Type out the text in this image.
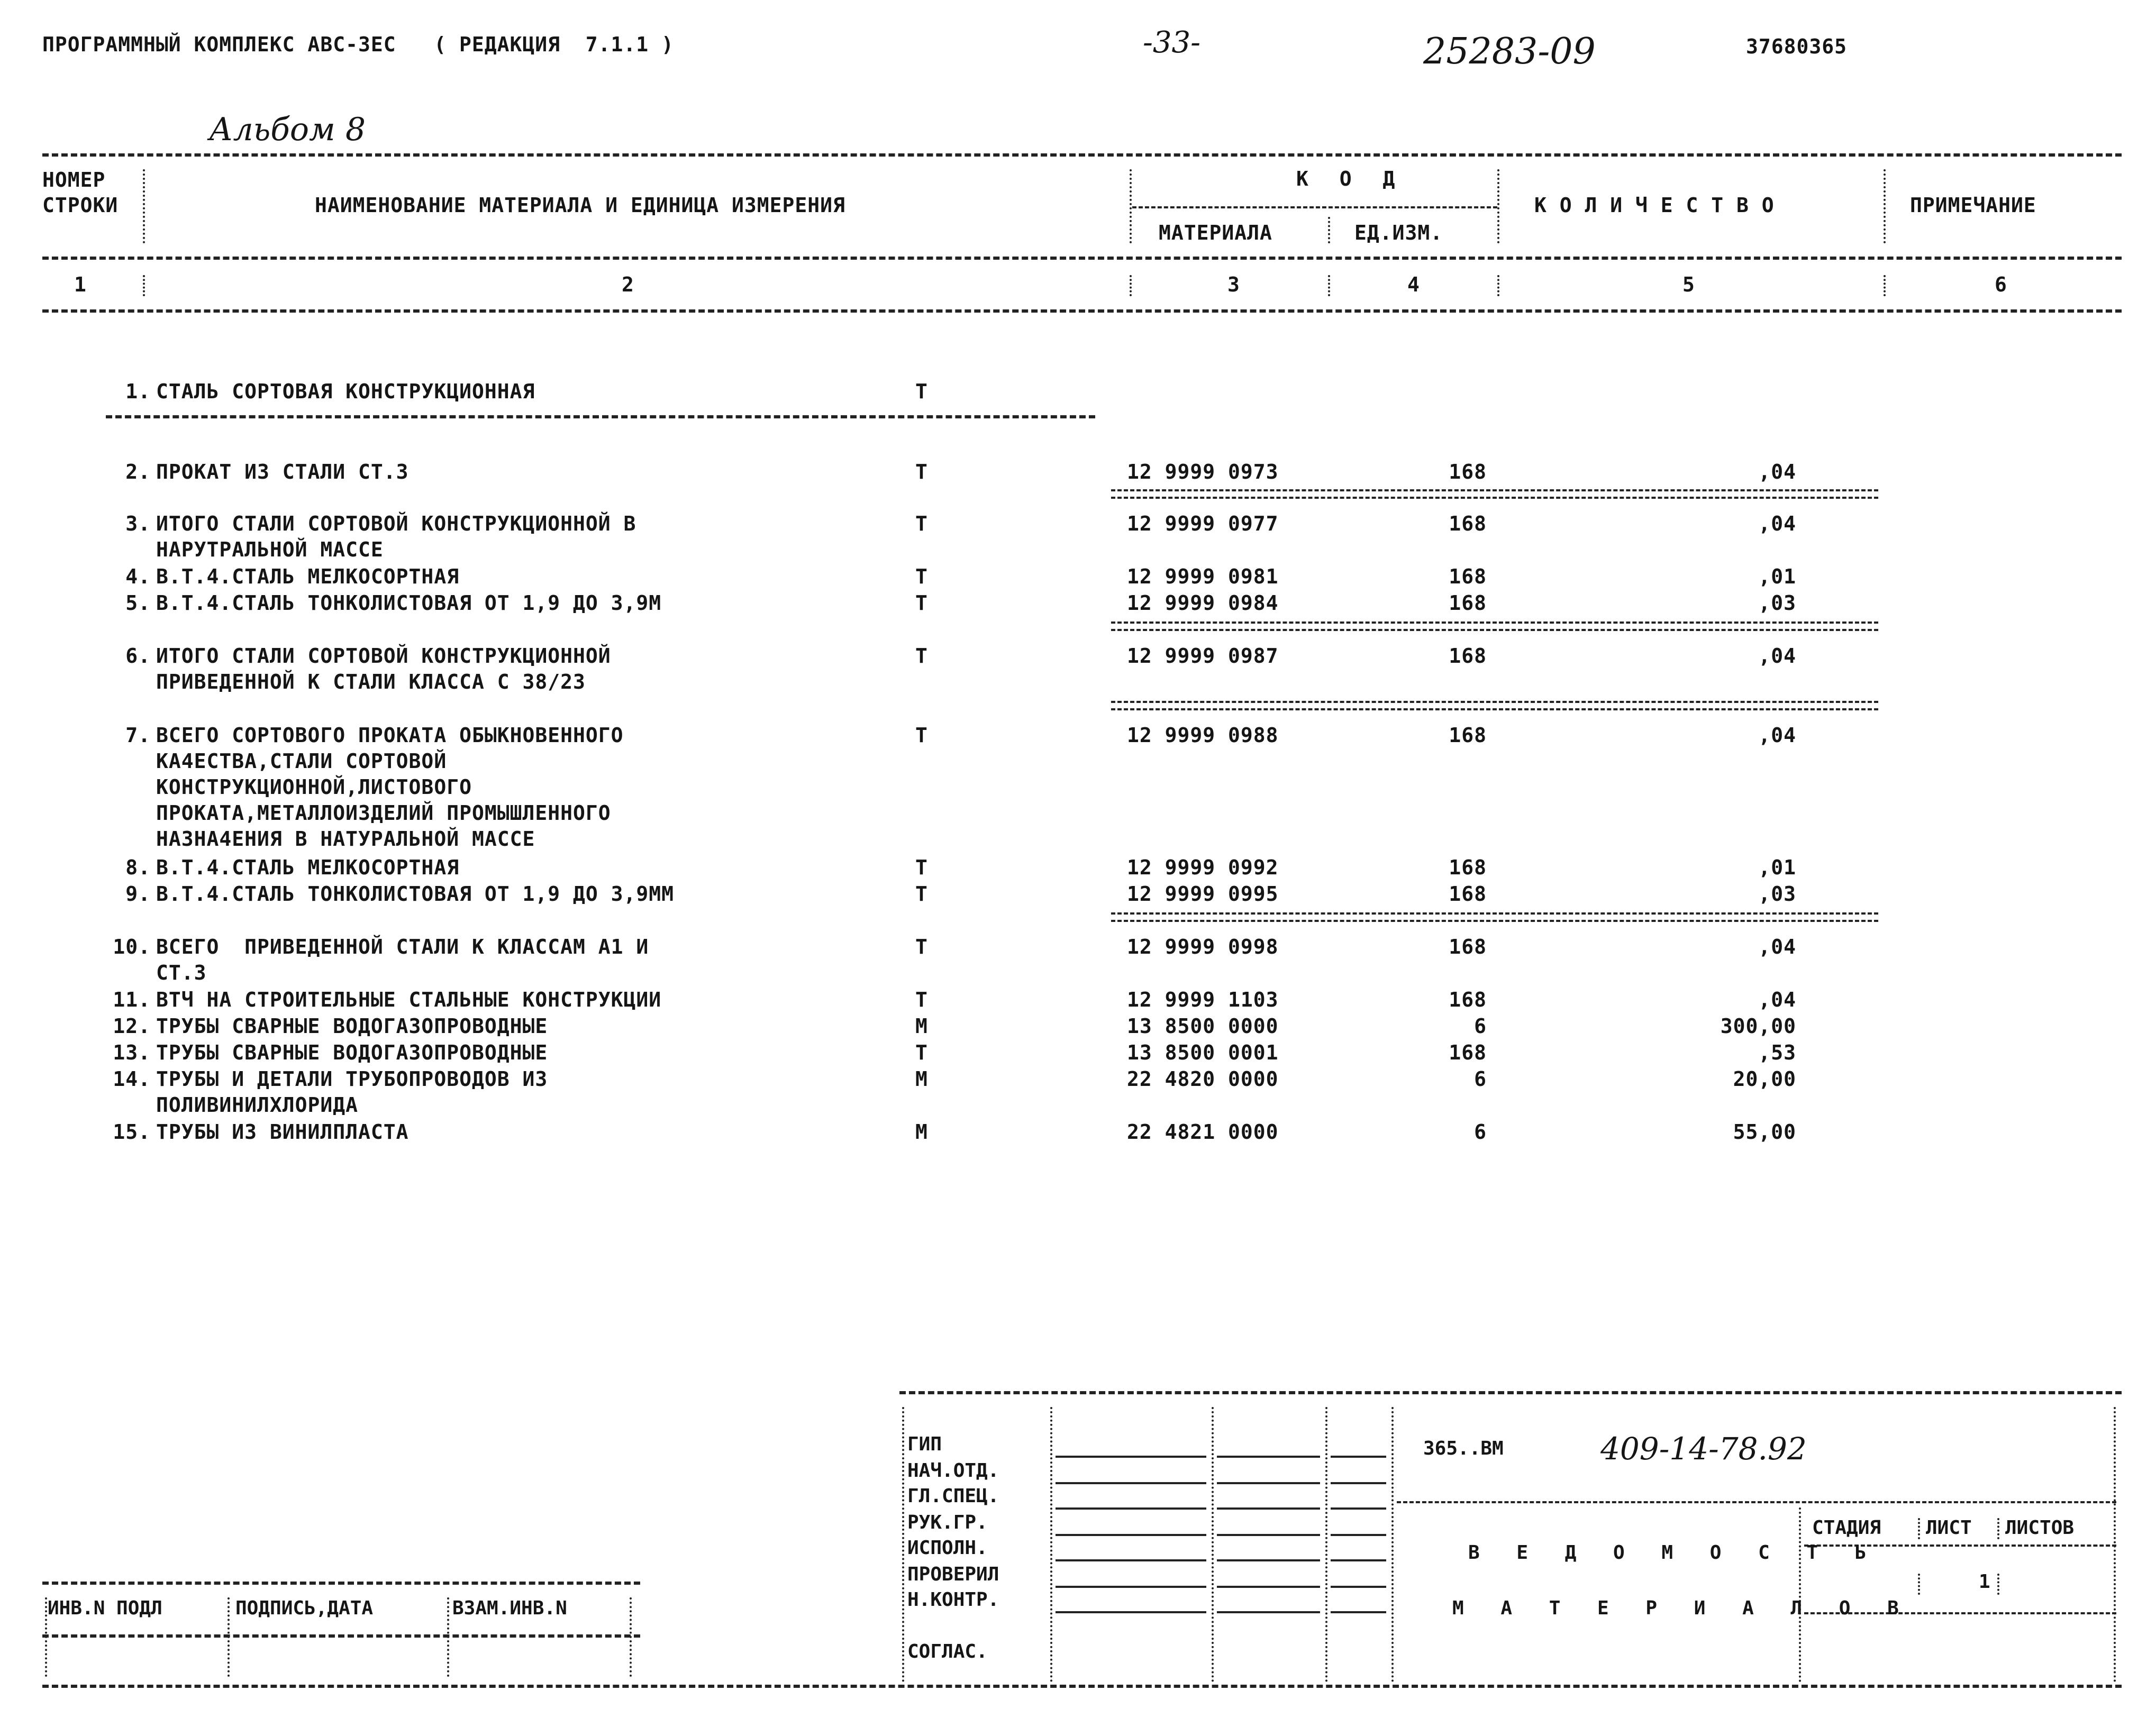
ПРОГРАММНЫЙ КОМПЛЕКС АВС-3ЕС   ( РЕДАКЦИЯ  7.1.1 )	-33-	25283-09	37680365
Альбом 8
НОМЕР
СТРОКИ	НАИМЕНОВАНИЕ МАТЕРИАЛА И ЕДИНИЦА ИЗМЕРЕНИЯ
К О Д
МАТЕРИАЛА	ЕД.ИЗМ.
К О Л И Ч Е С Т В О	ПРИМЕЧАНИЕ
1	2	3	4	5	6
1. СТАЛЬ СОРТОВАЯ КОНСТРУКЦИОННАЯ	Т
2. ПРОКАТ ИЗ СТАЛИ СТ.3	Т	12 9999 0973	168	,04
3. ИТОГО СТАЛИ СОРТОВОЙ КОНСТРУКЦИОННОЙ В
НАРУТРАЛЬНОЙ МАССЕ
Т	12 9999 0977	168	,04
4. В.Т.4.СТАЛЬ МЕЛКОСОРТНАЯ	Т	12 9999 0981	168	,01
5. В.Т.4.СТАЛЬ ТОНКОЛИСТОВАЯ ОТ 1,9 ДО 3,9М	Т	12 9999 0984	168	,03
6. ИТОГО СТАЛИ СОРТОВОЙ КОНСТРУКЦИОННОЙ
ПРИВЕДЕННОЙ К СТАЛИ КЛАССА С 38/23
Т	12 9999 0987	168	,04
7. ВСЕГО СОРТОВОГО ПРОКАТА ОБЫКНОВЕННОГО
КА4ЕСТВА,СТАЛИ СОРТОВОЙ
КОНСТРУКЦИОННОЙ,ЛИСТОВОГО
ПРОКАТА,МЕТАЛЛОИЗДЕЛИЙ ПРОМЫШЛЕННОГО
НАЗНА4ЕНИЯ В НАТУРАЛЬНОЙ МАССЕ
Т	12 9999 0988	168	,04
8. В.Т.4.СТАЛЬ МЕЛКОСОРТНАЯ	Т	12 9999 0992	168	,01
9. В.Т.4.СТАЛЬ ТОНКОЛИСТОВАЯ ОТ 1,9 ДО 3,9ММ	Т	12 9999 0995	168	,03
10. ВСЕГО  ПРИВЕДЕННОЙ СТАЛИ К КЛАССАМ А1 И
СТ.3
Т	12 9999 0998	168	,04
11. ВТЧ НА СТРОИТЕЛЬНЫЕ СТАЛЬНЫЕ КОНСТРУКЦИИ	Т	12 9999 1103	168	,04
12. ТРУБЫ СВАРНЫЕ ВОДОГАЗОПРОВОДНЫЕ	М	13 8500 0000	6	300,00
13. ТРУБЫ СВАРНЫЕ ВОДОГАЗОПРОВОДНЫЕ	Т	13 8500 0001	168	,53
14. ТРУБЫ И ДЕТАЛИ ТРУБОПРОВОДОВ ИЗ
ПОЛИВИНИЛХЛОРИДА
М	22 4820 0000	6	20,00
15. ТРУБЫ ИЗ ВИНИЛПЛАСТА	М	22 4821 0000	6	55,00
ГИП
НАЧ.ОТД.
ГЛ.СПЕЦ.
РУК.ГР.
ИСПОЛН.
ПРОВЕРИЛ
Н.КОНТР.
СОГЛАС.
365..ВМ	409-14-78.92
В Е Д О М О С Т Ь
М А Т Е Р И А Л О В
СТАДИЯ ЛИСТ ЛИСТОВ
1
ИНВ.N ПОДЛ	ПОДПИСЬ,ДАТА	ВЗАМ.ИНВ.N
